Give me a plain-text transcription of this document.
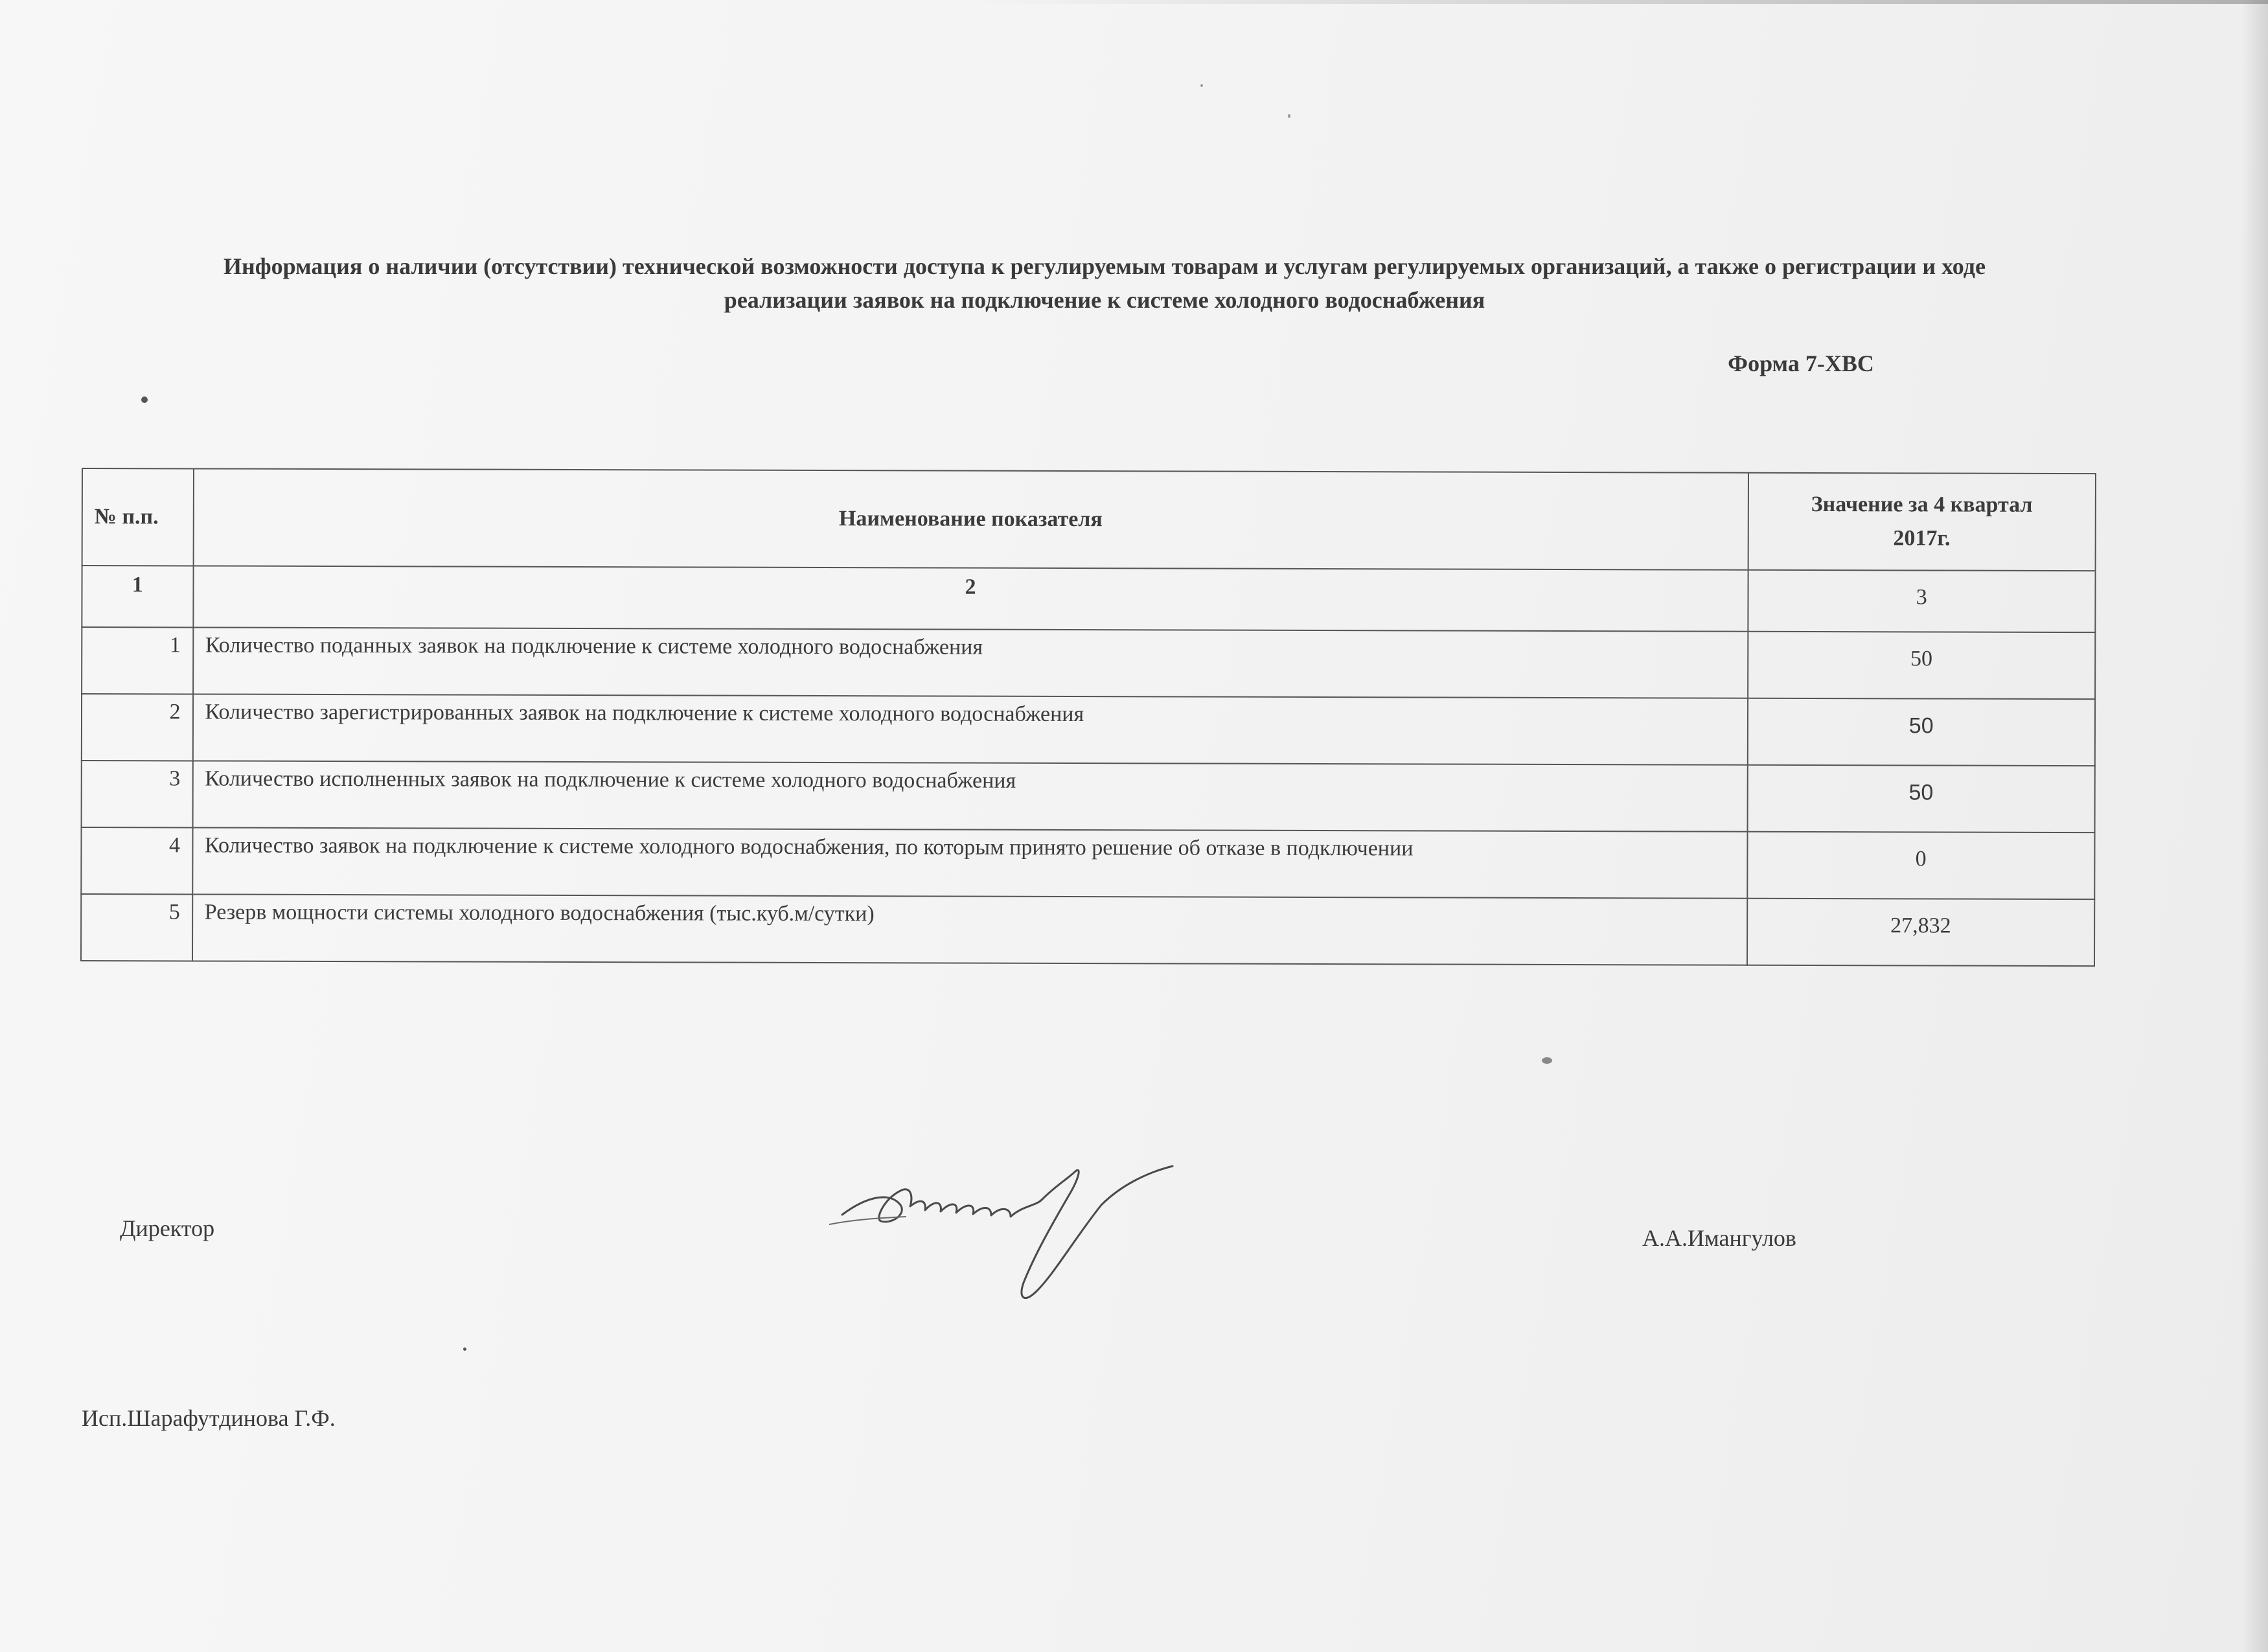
Информация о наличии (отсутствии) технической возможности доступа к регулируемым товарам и услугам регулируемых организаций, а также о регистрации и ходе
реализации заявок на подключение к системе холодного водоснабжения
Форма 7-ХВС
№ п.п.	Наименование показателя	Значение за 4 квартал
2017г.

1	2	3
1	Количество поданных заявок на подключение к системе холодного водоснабжения	50
2	Количество зарегистрированных заявок на подключение к системе холодного водоснабжения	50
3	Количество исполненных заявок на подключение к системе холодного водоснабжения	50
4	Количество заявок на подключение к системе холодного водоснабжения, по которым принято решение об отказе в подключении	0
5	Резерв мощности системы холодного водоснабжения (тыс.куб.м/сутки)	27,832
Директор	А.А.Имангулов
Исп.Шарафутдинова Г.Ф.
